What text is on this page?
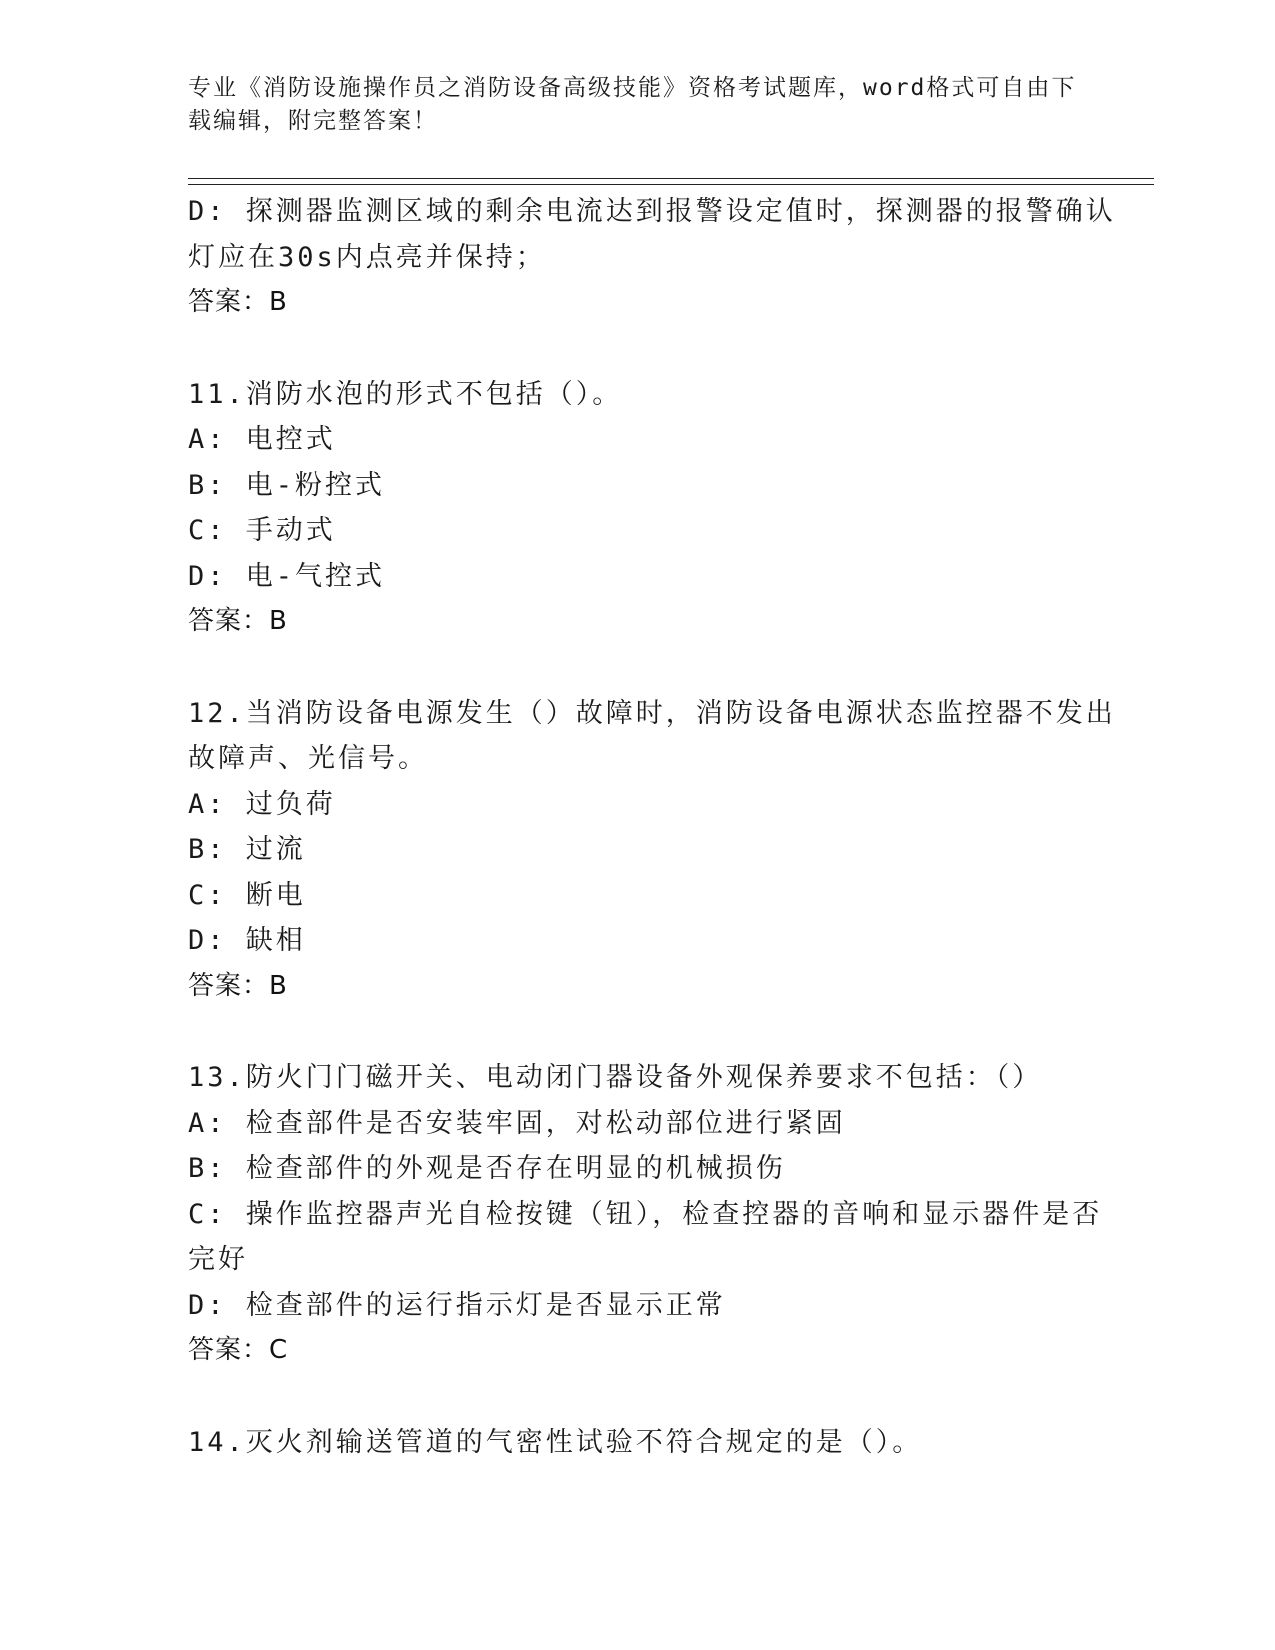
专业《消防设施操作员之消防设备高级技能》资格考试题库，word格式可自由下

载编辑，附完整答案！

D: 探测器监测区域的剩余电流达到报警设定值时，探测器的报警确认
灯应在30s内点亮并保持；
答案：B
11.消防水泡的形式不包括（）。
A: 电控式
B: 电-粉控式
C: 手动式
D: 电-气控式
答案：B
12.当消防设备电源发生（）故障时，消防设备电源状态监控器不发出
故障声、光信号。
A: 过负荷
B: 过流
C: 断电
D: 缺相
答案：B
13.防火门门磁开关、电动闭门器设备外观保养要求不包括：（）
A: 检查部件是否安装牢固，对松动部位进行紧固
B: 检查部件的外观是否存在明显的机械损伤
C: 操作监控器声光自检按键（钮），检查控器的音响和显示器件是否
完好
D: 检查部件的运行指示灯是否显示正常
答案：C
14.灭火剂输送管道的气密性试验不符合规定的是（）。
